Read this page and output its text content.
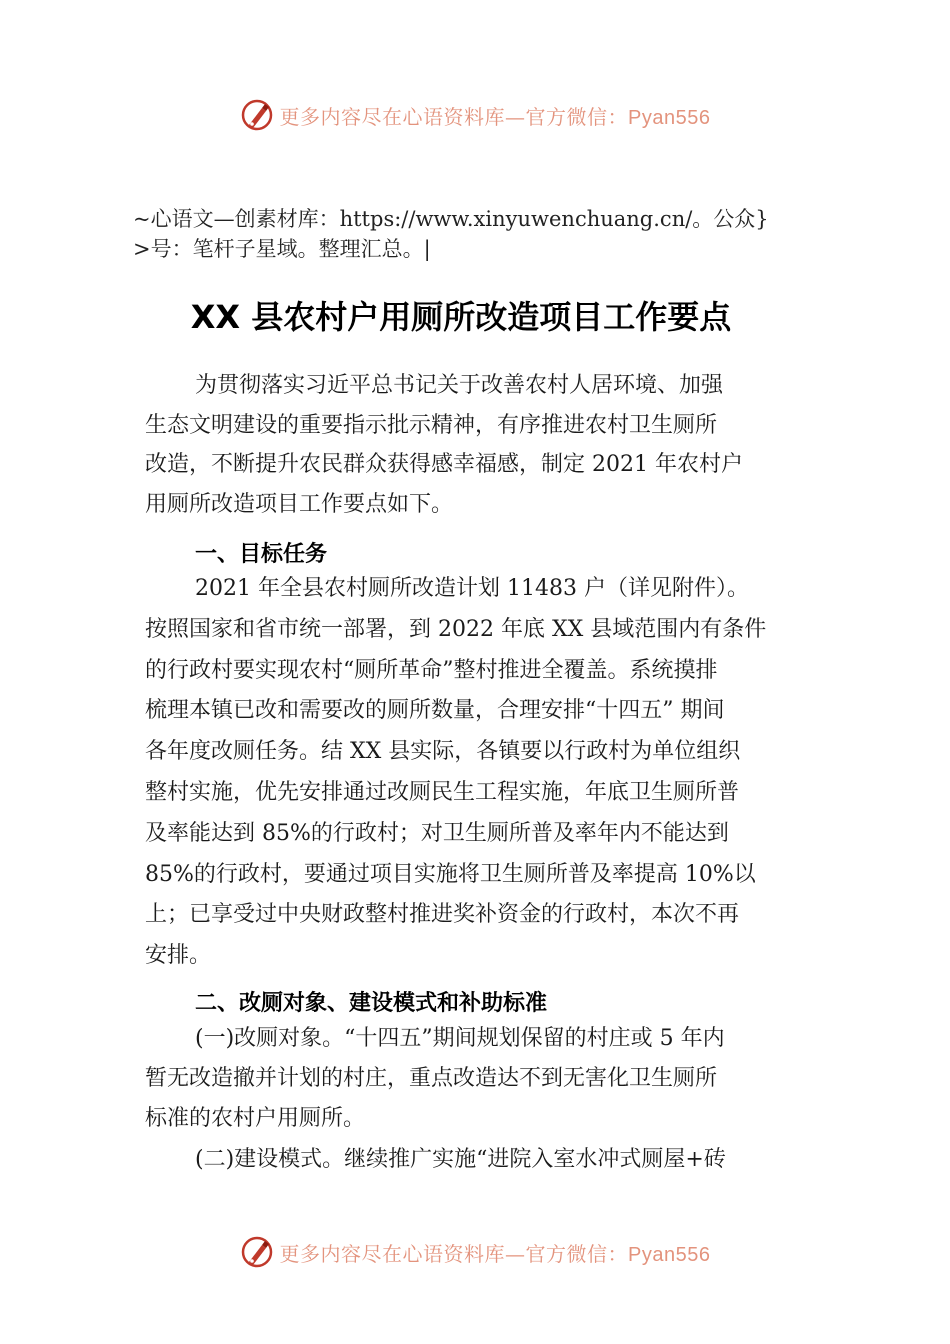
更多内容尽在心语资料库—官方微信：Pyan556
~心语文—创素材库：https://www.xinyuwenchuang.cn/。公众}
>号：笔杆子星域。整理汇总。|
XX 县农村户用厕所改造项目工作要点
为贯彻落实习近平总书记关于改善农村人居环境、加强
生态文明建设的重要指示批示精神，有序推进农村卫生厕所
改造，不断提升农民群众获得感幸福感，制定 2021 年农村户
用厕所改造项目工作要点如下。
一、目标任务
2021 年全县农村厕所改造计划 11483 户（详见附件）。
按照国家和省市统一部署，到 2022 年底 XX 县域范围内有条件
的行政村要实现农村“厕所革命”整村推进全覆盖。系统摸排
梳理本镇已改和需要改的厕所数量，合理安排“十四五” 期间
各年度改厕任务。结 XX 县实际，各镇要以行政村为单位组织
整村实施，优先安排通过改厕民生工程实施，年底卫生厕所普
及率能达到 85%的行政村；对卫生厕所普及率年内不能达到
85%的行政村，要通过项目实施将卫生厕所普及率提高 10%以
上；已享受过中央财政整村推进奖补资金的行政村，本次不再
安排。
二、改厕对象、建设模式和补助标准
(一)改厕对象。“十四五”期间规划保留的村庄或 5 年内
暂无改造撤并计划的村庄，重点改造达不到无害化卫生厕所
标准的农村户用厕所。
(二)建设模式。继续推广实施“进院入室水冲式厕屋+砖
更多内容尽在心语资料库—官方微信：Pyan556
